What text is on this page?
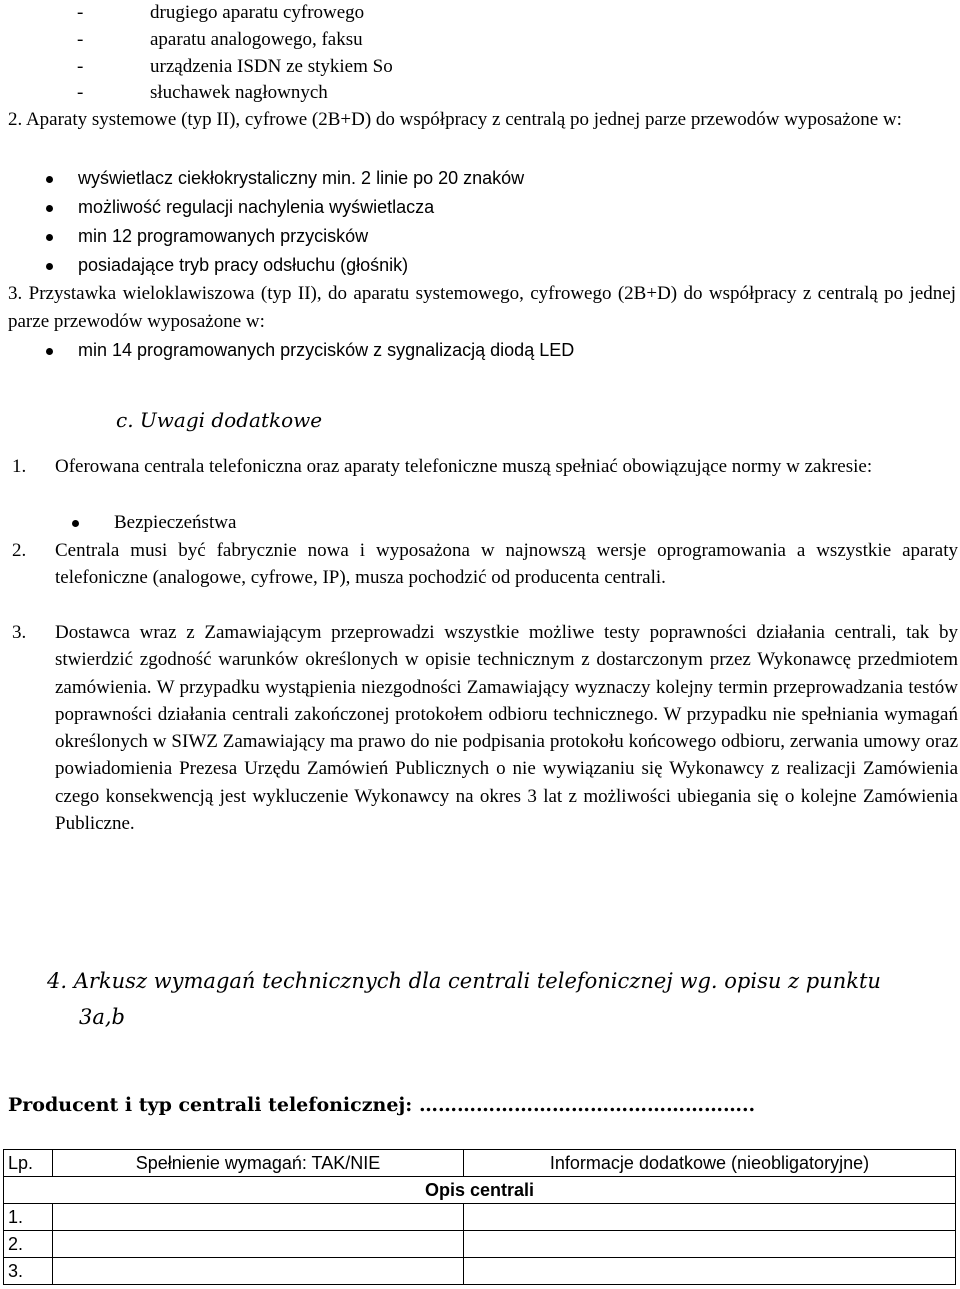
-	drugiego aparatu cyfrowego
-	aparatu analogowego, faksu
-	urządzenia ISDN ze stykiem So
-	słuchawek nagłownych
2. Aparaty systemowe (typ II), cyfrowe (2B+D) do współpracy z centralą po jednej parze przewodów wyposażone w:
wyświetlacz ciekłokrystaliczny min. 2 linie po 20 znaków
możliwość regulacji nachylenia wyświetlacza
min 12 programowanych przycisków
posiadające tryb pracy odsłuchu (głośnik)
3. Przystawka wieloklawiszowa (typ II), do aparatu systemowego, cyfrowego (2B+D) do współpracy z centralą po jednej parze przewodów wyposażone w:
min 14 programowanych przycisków z sygnalizacją diodą LED
c. Uwagi dodatkowe
1. Oferowana centrala telefoniczna oraz aparaty telefoniczne muszą spełniać obowiązujące normy w zakresie:
Bezpieczeństwa
2. Centrala musi być fabrycznie nowa i wyposażona w najnowszą wersje oprogramowania a wszystkie aparaty telefoniczne (analogowe, cyfrowe, IP), musza pochodzić od producenta centrali.
3. Dostawca wraz z Zamawiającym przeprowadzi wszystkie możliwe testy poprawności działania centrali, tak by stwierdzić zgodność warunków określonych w opisie technicznym z dostarczonym przez Wykonawcę przedmiotem zamówienia. W przypadku wystąpienia niezgodności Zamawiający wyznaczy kolejny termin przeprowadzania testów poprawności działania centrali zakończonej protokołem odbioru technicznego. W przypadku nie spełniania wymagań określonych w SIWZ Zamawiający ma prawo do nie podpisania protokołu końcowego odbioru, zerwania umowy oraz powiadomienia Prezesa Urzędu Zamówień Publicznych o nie wywiązaniu się Wykonawcy z realizacji Zamówienia czego konsekwencją jest wykluczenie Wykonawcy na okres 3 lat z możliwości ubiegania się o kolejne Zamówienia Publiczne.
4. Arkusz wymagań technicznych dla centrali telefonicznej wg. opisu z punktu
3a,b
Producent i typ centrali telefonicznej: ……………………………………………..
Lp.	Spełnienie wymagań: TAK/NIE	Informacje dodatkowe (nieobligatoryjne)
Opis centrali		
1.		
2.		
3.		
